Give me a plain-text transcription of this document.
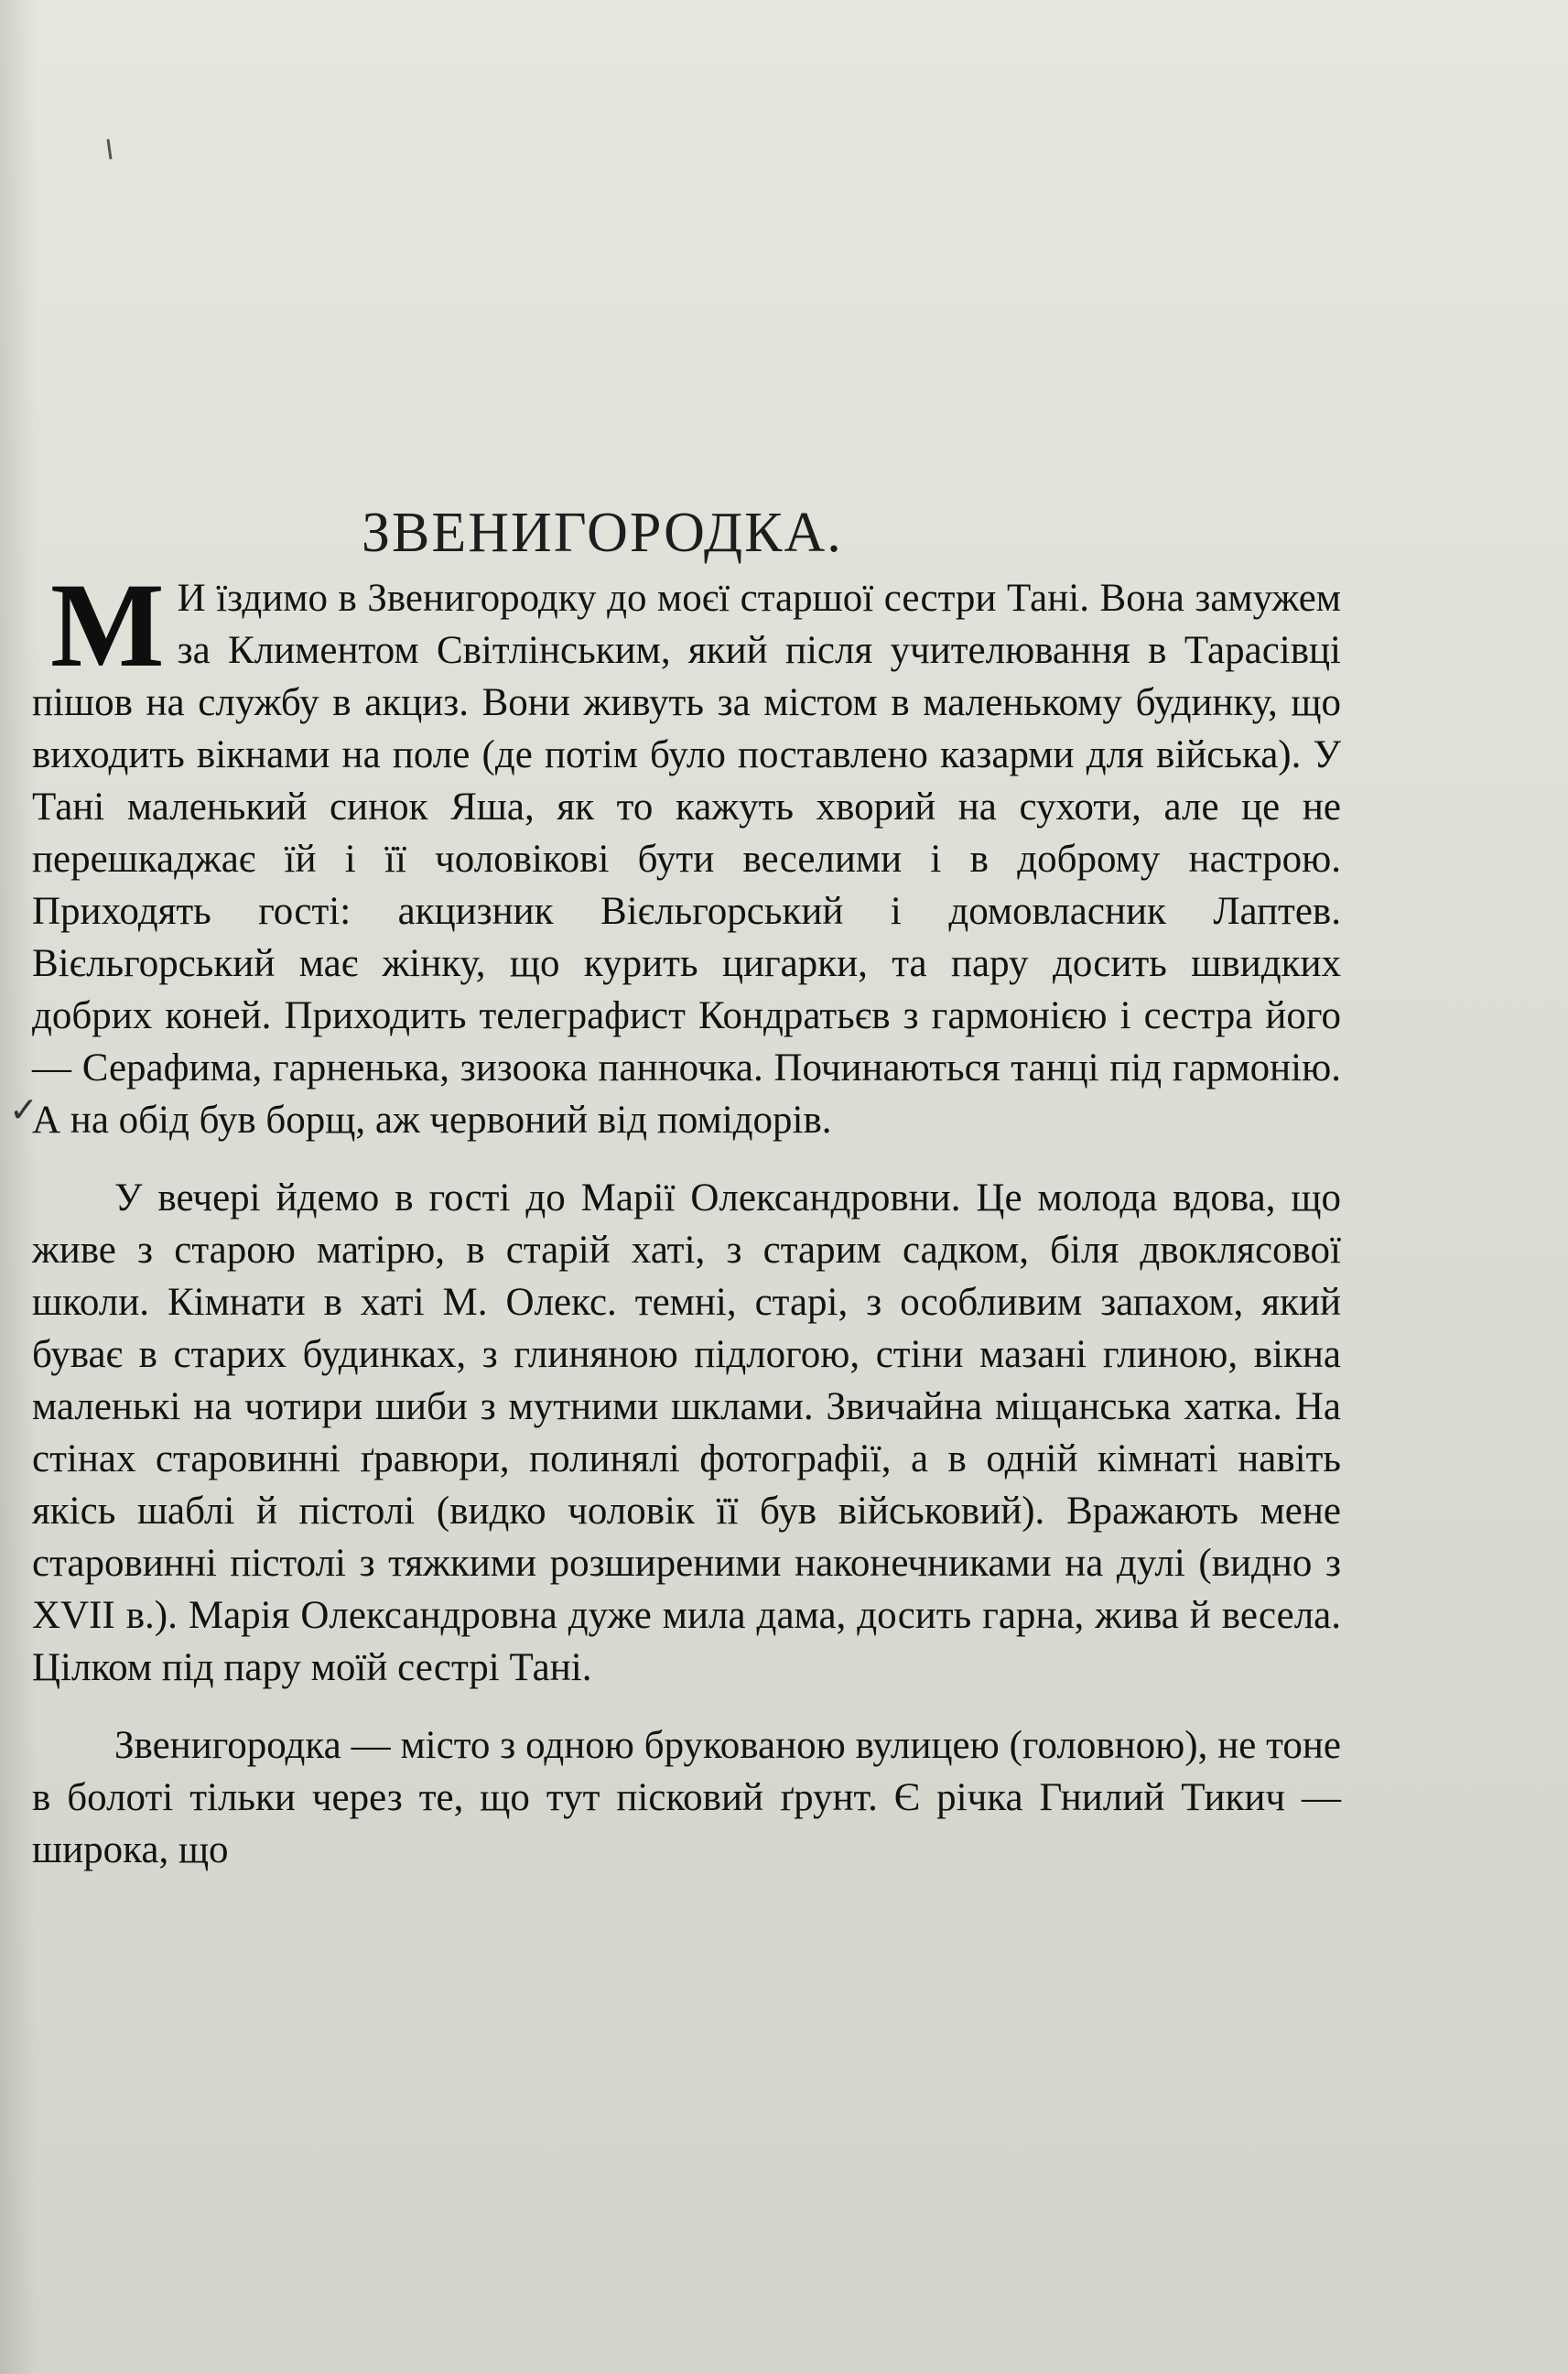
ЗВЕНИГОРОДКА.

М И їздимо в Звенигородку до моєї старшої сестри Тані. Вона замужем за Климентом Світлінським, який після учителювання в Тарасівці пішов на службу в акциз. Вони живуть за містом в маленькому будинку, що виходить вікнами на поле (де потім було поставлено казарми для війська). У Тані маленький синок Яша, як то кажуть хворий на сухоти, але це не перешкаджає їй і її чоловікові бути веселими і в доброму настрою. Приходять гості: акцизник Вієльгорський і домовласник Лаптев. Вієльгорський має жінку, що курить цигарки, та пару досить швидких добрих коней. Приходить телеграфист Кондратьєв з гармонією і сестра його — Серафима, гарненька, зизоока панночка. Починаються танці під гармонію. А на обід був борщ, аж червоний від помідорів.

У вечері йдемо в гості до Марії Олександровни. Це молода вдова, що живе з старою матірю, в старій хаті, з старим садком, біля двоклясової школи. Кімнати в хаті М. Олекс. темні, старі, з особливим запахом, який буває в старих будинках, з глиняною підлогою, стіни мазані глиною, вікна маленькі на чотири шиби з мутними шклами. Звичайна міщанська хатка. На стінах старовинні ґравюри, полинялі фотографії, а в одній кімнаті навіть якісь шаблі й пістолі (видко чоловік її був військовий). Вражають мене старовинні пістолі з тяжкими розширеними наконечниками на дулі (видно з XVII в.). Марія Олександровна дуже мила дама, досить гарна, жива й весела. Цілком під пару моїй сестрі Тані.

Звенигородка — місто з одною брукованою вулицею (головною), не тоне в болоті тільки через те, що тут пісковий ґрунт. Є річка Гнилий Тикич — широка, що

✓
